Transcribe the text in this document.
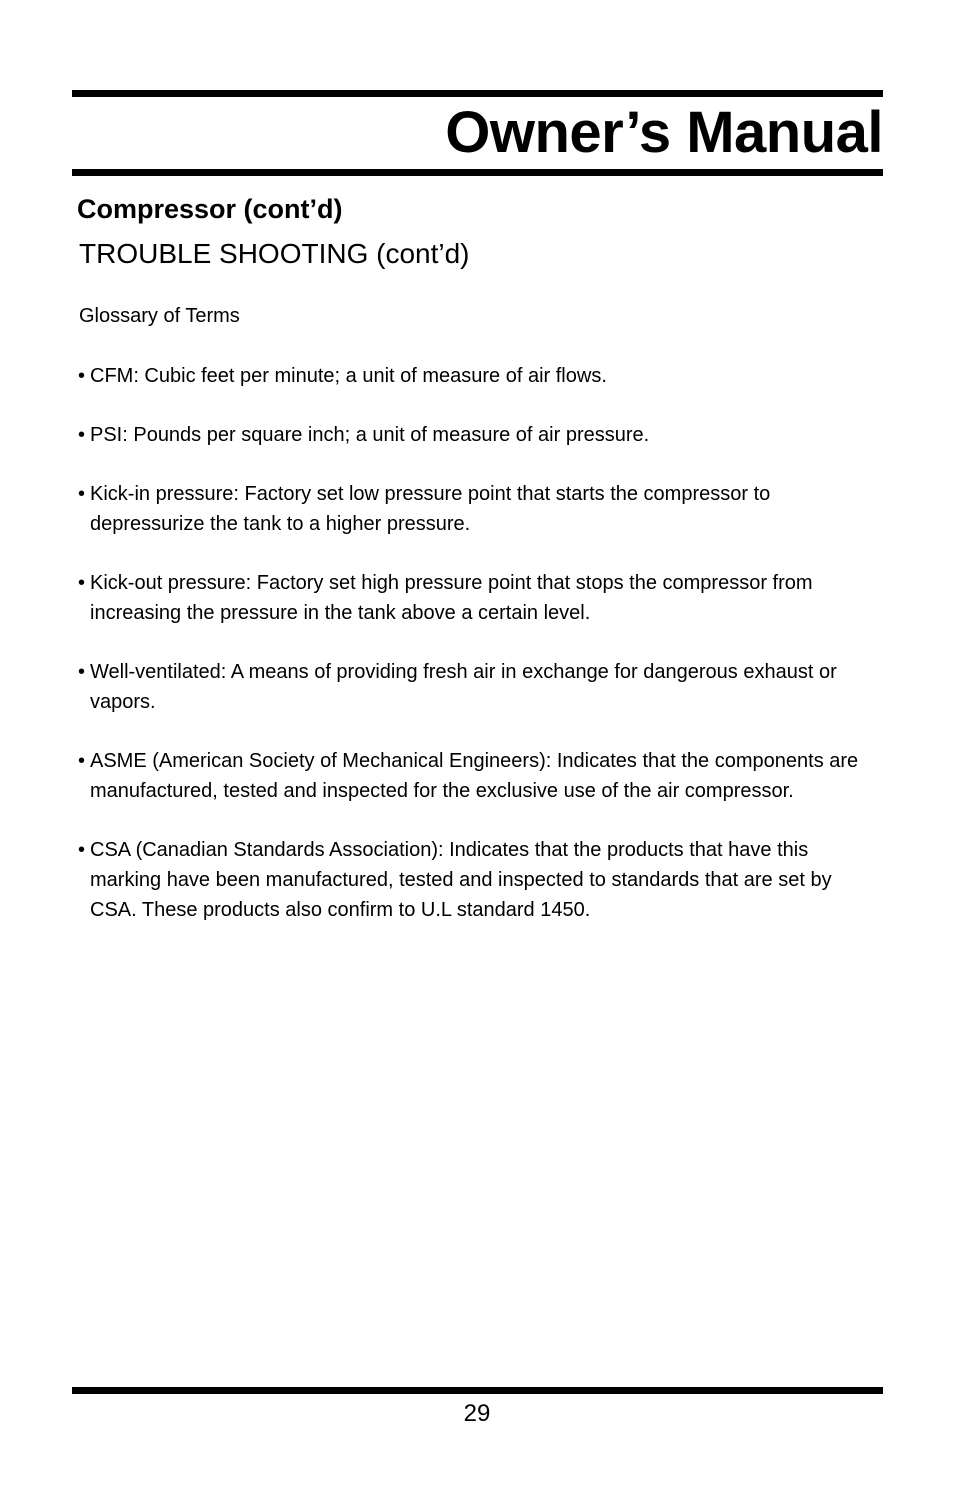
Owner’s Manual
Compressor (cont’d)
TROUBLE SHOOTING (cont’d)

Glossary of Terms

• CFM: Cubic feet per minute; a unit of measure of air flows.
• PSI: Pounds per square inch; a unit of measure of air pressure.
• Kick-in pressure: Factory set low pressure point that starts the compressor to depressurize the tank to a higher pressure.
• Kick-out pressure: Factory set high pressure point that stops the compressor from increasing the pressure in the tank above a certain level.
• Well-ventilated: A means of providing fresh air in exchange for dangerous exhaust or vapors.
• ASME (American Society of Mechanical Engineers): Indicates that the components are manufactured, tested and inspected for the exclusive use of the air compressor.
• CSA (Canadian Standards Association): Indicates that the products that have this marking have been manufactured, tested and inspected to standards that are set by CSA. These products also confirm to U.L standard 1450.
29
